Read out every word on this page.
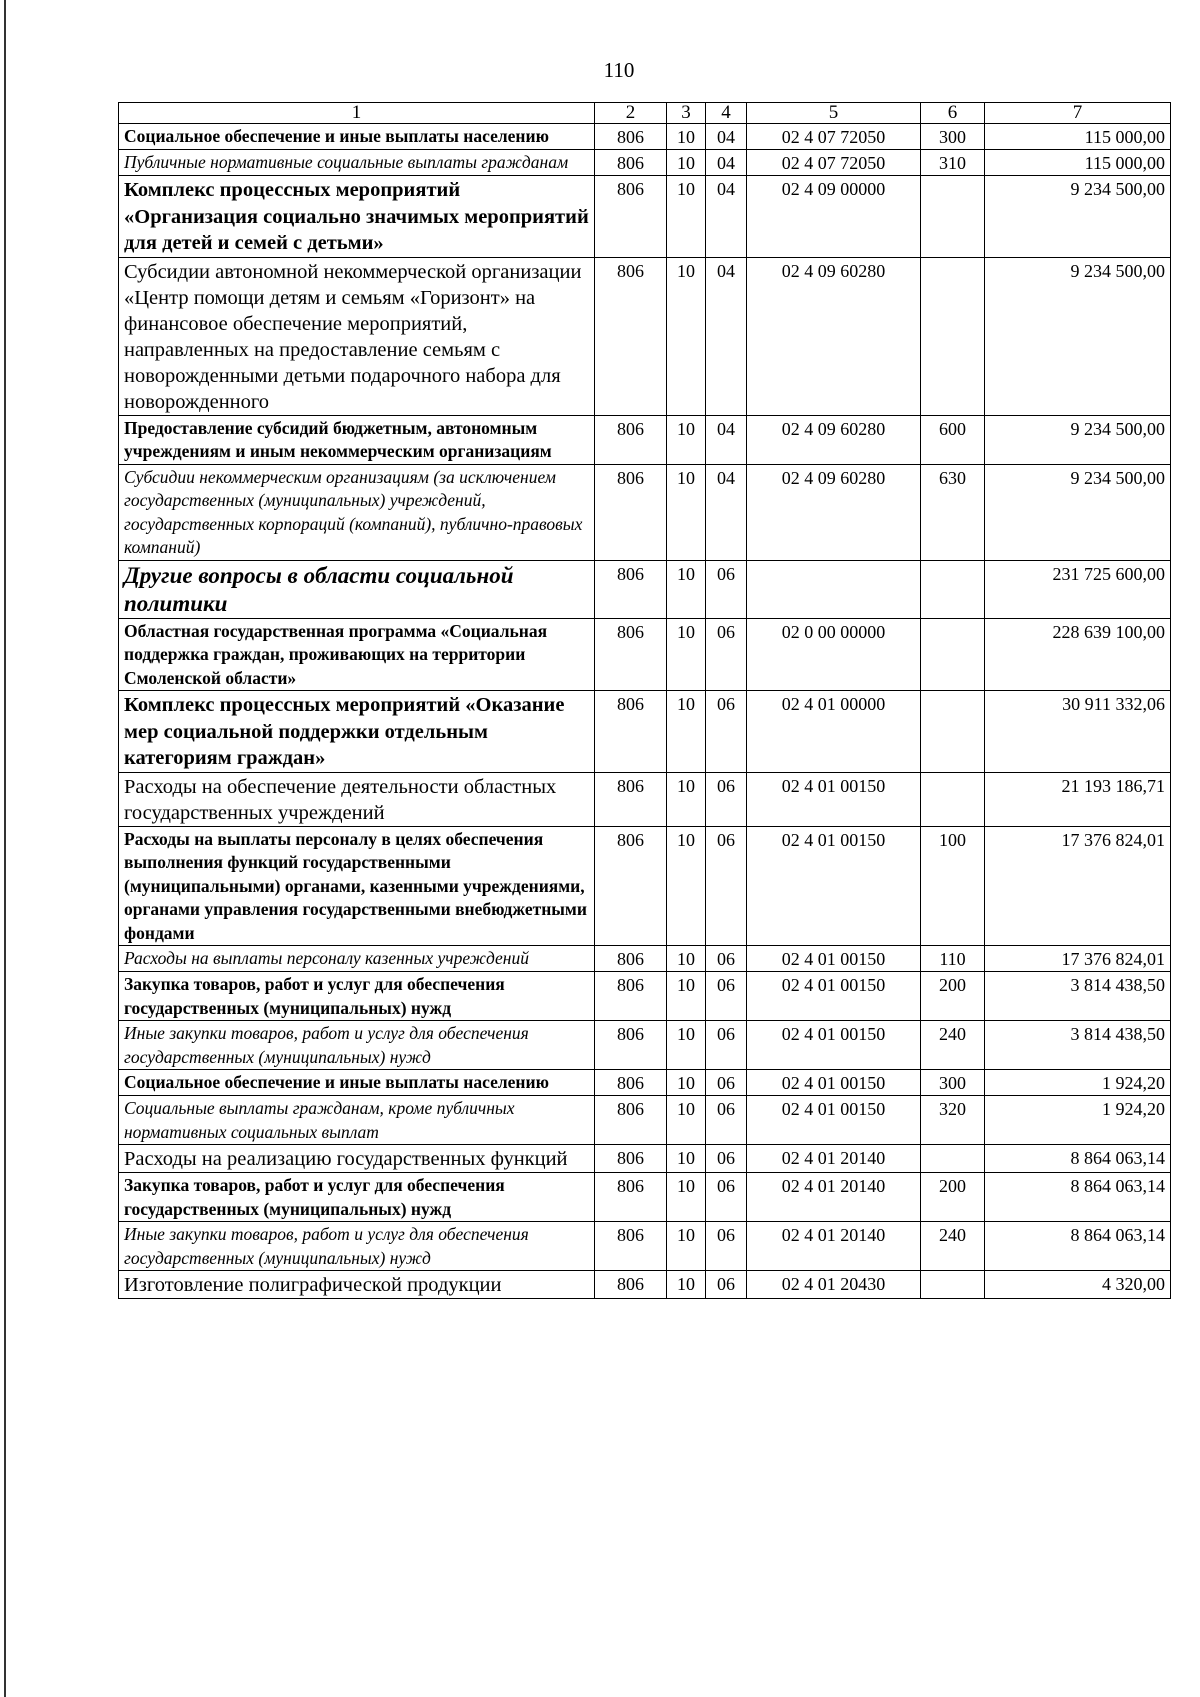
110
1	2	3	4	5	6	7
Социальное обеспечение и иные выплаты населению	806	10	04	02 4 07 72050	300	115 000,00
Публичные нормативные социальные выплаты гражданам	806	10	04	02 4 07 72050	310	115 000,00
Комплекс процессных мероприятий «Организация социально значимых мероприятий для детей и семей с детьми»	806	10	04	02 4 09 00000		9 234 500,00
Субсидии автономной некоммерческой организации «Центр помощи детям и семьям «Горизонт» на финансовое обеспечение мероприятий, направленных на предоставление семьям с новорожденными детьми подарочного набора для новорожденного	806	10	04	02 4 09 60280		9 234 500,00
Предоставление субсидий бюджетным, автономным учреждениям и иным некоммерческим организациям	806	10	04	02 4 09 60280	600	9 234 500,00
Субсидии некоммерческим организациям (за исключением государственных (муниципальных) учреждений, государственных корпораций (компаний), публично-правовых компаний)	806	10	04	02 4 09 60280	630	9 234 500,00
Другие вопросы в области социальной политики	806	10	06			231 725 600,00
Областная государственная программа «Социальная поддержка граждан, проживающих на территории Смоленской области»	806	10	06	02 0 00 00000		228 639 100,00
Комплекс процессных мероприятий «Оказание мер социальной поддержки отдельным категориям граждан»	806	10	06	02 4 01 00000		30 911 332,06
Расходы на обеспечение деятельности областных государственных учреждений	806	10	06	02 4 01 00150		21 193 186,71
Расходы на выплаты персоналу в целях обеспечения выполнения функций государственными (муниципальными) органами, казенными учреждениями, органами управления государственными внебюджетными фондами	806	10	06	02 4 01 00150	100	17 376 824,01
Расходы на выплаты персоналу казенных учреждений	806	10	06	02 4 01 00150	110	17 376 824,01
Закупка товаров, работ и услуг для обеспечения государственных (муниципальных) нужд	806	10	06	02 4 01 00150	200	3 814 438,50
Иные закупки товаров, работ и услуг для обеспечения государственных (муниципальных) нужд	806	10	06	02 4 01 00150	240	3 814 438,50
Социальное обеспечение и иные выплаты населению	806	10	06	02 4 01 00150	300	1 924,20
Социальные выплаты гражданам, кроме публичных нормативных социальных выплат	806	10	06	02 4 01 00150	320	1 924,20
Расходы на реализацию государственных функций	806	10	06	02 4 01 20140		8 864 063,14
Закупка товаров, работ и услуг для обеспечения государственных (муниципальных) нужд	806	10	06	02 4 01 20140	200	8 864 063,14
Иные закупки товаров, работ и услуг для обеспечения государственных (муниципальных) нужд	806	10	06	02 4 01 20140	240	8 864 063,14
Изготовление полиграфической продукции	806	10	06	02 4 01 20430		4 320,00
